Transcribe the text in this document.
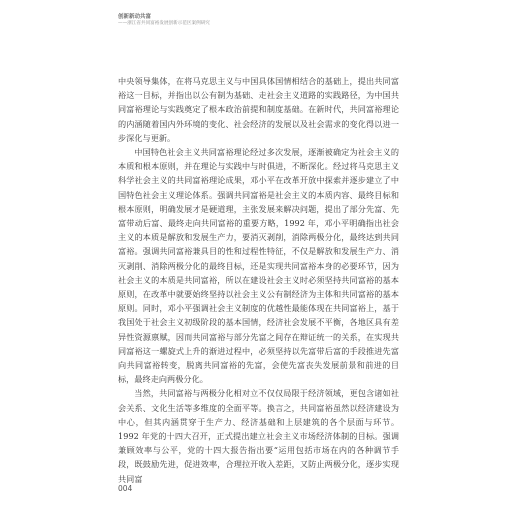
创新新动共富
——浙江省共同富裕发展创新示范区案例研究

中央领导集体，在将马克思主义与中国具体国情相结合的基础上，提出共同富裕这一目标，并指出以公有制为基础、走社会主义道路的实践路径，为中国共同富裕理论与实践奠定了根本政治前提和制度基础。在新时代，共同富裕理论的内涵随着国内外环境的变化、社会经济的发展以及社会需求的变化得以进一步深化与更新。

中国特色社会主义共同富裕理论经过多次发展，逐渐被确定为社会主义的本质和根本原则，并在理论与实践中与时俱进，不断深化。经过将马克思主义科学社会主义的共同富裕理论成果，邓小平在改革开放中探索并逐步建立了中国特色社会主义理论体系。强调共同富裕是社会主义的本质内容、最终目标和根本原则，明确发展才是硬道理，主张发展来解决问题，提出了部分先富、先富带动后富、最终走向共同富裕的重要方略，1992 年，邓小平明确指出社会主义的本质是解放和发展生产力，要消灭剥削，消除两极分化，最终达到共同富裕。强调共同富裕兼具目的性和过程性特征，不仅是解放和发展生产力、消灭剥削、消除两极分化的最终目标，还是实现共同富裕本身的必要环节，因为社会主义的本质是共同富裕，所以在建设社会主义时必须坚持共同富裕的基本原则，在改革中就要始终坚持以社会主义公有制经济为主体和共同富裕的基本原则。同时，邓小平强调社会主义制度的优越性最能体现在共同富裕上，基于我国处于社会主义初级阶段的基本国情，经济社会发展不平衡，各地区具有差异性资源禀赋，因而共同富裕与部分先富之间存在辩证统一的关系，在实现共同富裕这一螺旋式上升的渐进过程中，必须坚持以先富带后富的手段推进先富向共同富裕转变，脱离共同富裕的先富，会使先富丧失发展前景和前进的目标，最终走向两极分化。

当然，共同富裕与两极分化相对立不仅仅局限于经济领域，更包含诸如社会关系、文化生活等多维度的全面平等。换言之，共同富裕虽然以经济建设为中心，但其内涵贯穿于生产力、经济基础和上层建筑的各个层面与环节。1992 年党的十四大召开，正式提出建立社会主义市场经济体制的目标。强调兼顾效率与公平，党的十四大报告指出要“运用包括市场在内的各种调节手段，既鼓励先进，促进效率，合理拉开收入差距，又防止两极分化，逐步实现共同富

004
